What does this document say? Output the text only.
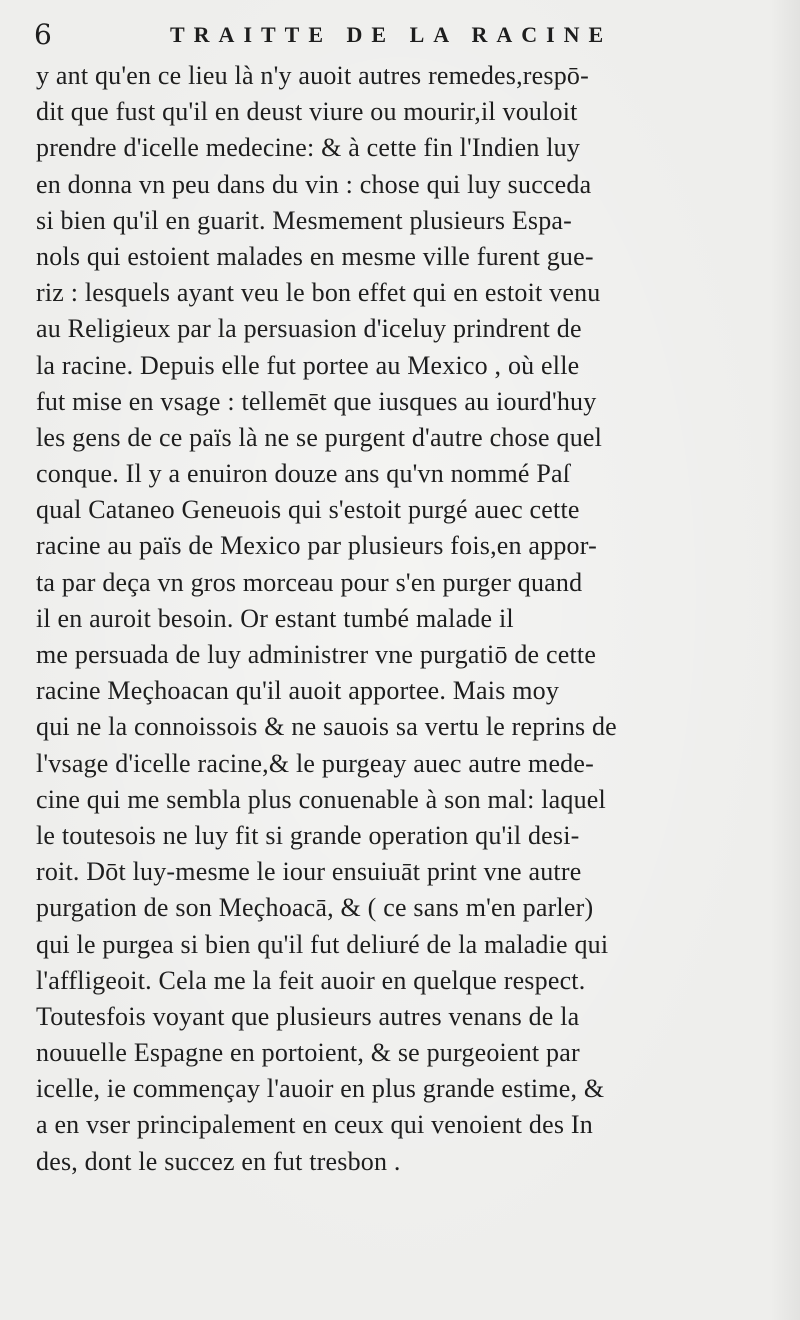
6	TRAITTE DE LA RACINE
y ant qu'en ce lieu là n'y auoit autres remedes,respō-
dit que fust qu'il en deust viure ou mourir,il vouloit
prendre d'icelle medecine: & à cette fin l'Indien luy
en donna vn peu dans du vin : chose qui luy succeda
si bien qu'il en guarit. Mesmement plusieurs Espa-
nols qui estoient malades en mesme ville furent gue-
riz : lesquels ayant veu le bon effet qui en estoit venu
au Religieux par la persuasion d'iceluy prindrent de
la racine. Depuis elle fut portee au Mexico , où elle
fut mise en vsage : tellemēt que iusques au iourd'huy
les gens de ce païs là ne se purgent d'autre chose quel
conque. Il y a enuiron douze ans qu'vn nommé Paſ
qual Cataneo Geneuois qui s'estoit purgé auec cette
racine au païs de Mexico par plusieurs fois,en appor-
ta par deça vn gros morceau pour s'en purger quand
il en auroit besoin. Or estant tumbé malade il
me persuada de luy administrer vne purgatiō de cette
racine Meçhoacan qu'il auoit apportee. Mais moy
qui ne la connoissois & ne sauois sa vertu le reprins de
l'vsage d'icelle racine,& le purgeay auec autre mede-
cine qui me sembla plus conuenable à son mal: laquel
le toutesois ne luy fit si grande operation qu'il desi-
roit. Dōt luy-mesme le iour ensuiuāt print vne autre
purgation de son Meçhoacā, & ( ce sans m'en parler)
qui le purgea si bien qu'il fut deliuré de la maladie qui
l'affligeoit. Cela me la feit auoir en quelque respect.
Toutesfois voyant que plusieurs autres venans de la
nouuelle Espagne en portoient, & se purgeoient par
icelle, ie commençay l'auoir en plus grande estime, &
a en vser principalement en ceux qui venoient des In
des, dont le succez en fut tresbon .
